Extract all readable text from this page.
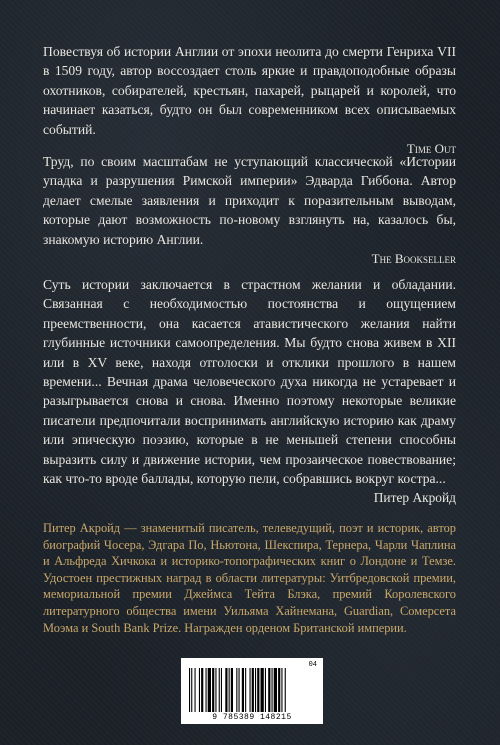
Повествуя об истории Англии от эпохи неолита до смерти Генриха VII в 1509 году, автор воссоздает столь яркие и правдоподобные образы охотников, собирателей, крестьян, пахарей, рыцарей и королей, что начинает казаться, будто он был современником всех описываемых событий.

Time Out

Труд, по своим масштабам не уступающий классической «Истории упадка и разрушения Римской империи» Эдварда Гиббона. Автор делает смелые заявления и приходит к поразительным выводам, которые дают возможность по-новому взглянуть на, казалось бы, знакомую историю Англии.

The Bookseller

Суть истории заключается в страстном желании и обладании. Связанная с необходимостью постоянства и ощущением преемственности, она касается атавистического желания найти глубинные источники самоопределения. Мы будто снова живем в XII или в XV веке, находя отголоски и отклики прошлого в нашем времени... Вечная драма человеческого духа никогда не устаревает и разыгрывается снова и снова. Именно поэтому некоторые великие писатели предпочитали воспринимать английскую историю как драму или эпическую поэзию, которые в не меньшей степени способны выразить силу и движение истории, чем прозаическое повествование; как что-то вроде баллады, которую пели, собравшись вокруг костра...

Питер Акройд

Питер Акройд — знаменитый писатель, телеведущий, поэт и историк, автор биографий Чосера, Эдгара По, Ньютона, Шекспира, Тернера, Чарли Чаплина и Альфреда Хичкока и историко-топографических книг о Лондоне и Темзе. Удостоен престижных наград в области литературы: Уитбредовской премии, мемориальной премии Джеймса Тейта Блэка, премий Королевского литературного общества имени Уильяма Хайнемана, Guardian, Сомерсета Моэма и South Bank Prize. Награжден орденом Британской империи.

04
9 785389 148215
